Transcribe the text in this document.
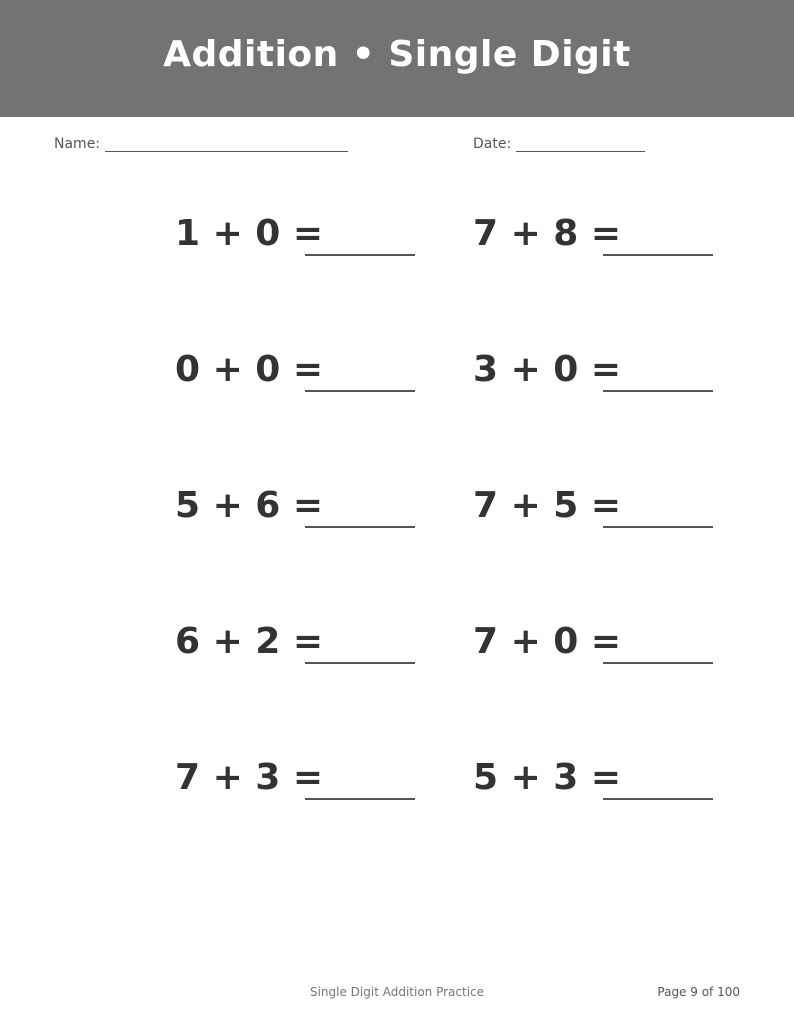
Addition • Single Digit
Name:	Date:
1 + 0 =	7 + 8 =
0 + 0 =	3 + 0 =
5 + 6 =	7 + 5 =
6 + 2 =	7 + 0 =
7 + 3 =	5 + 3 =
Single Digit Addition Practice	Page 9 of 100
